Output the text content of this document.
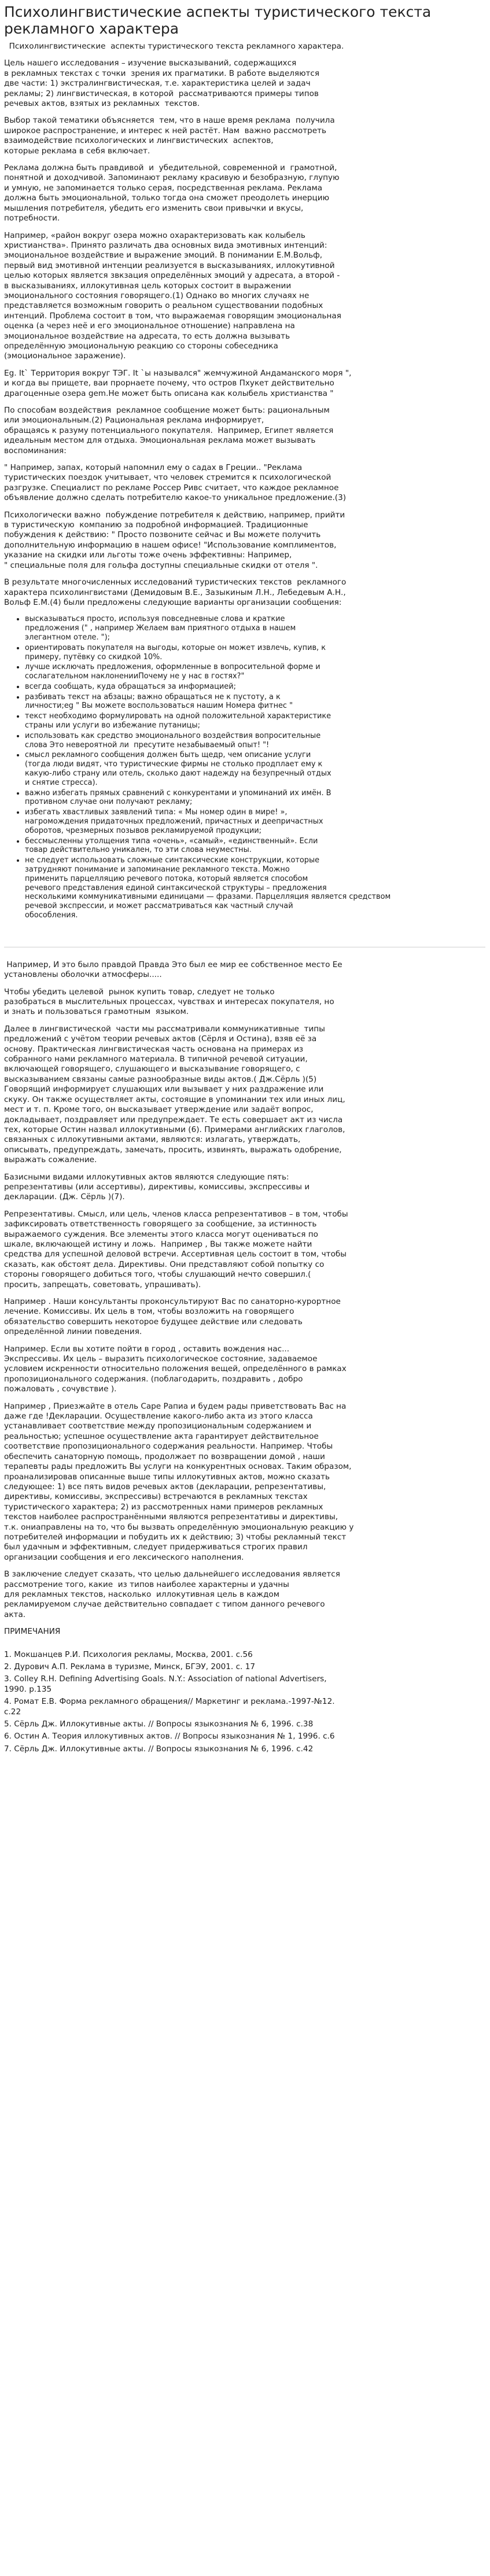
Психолингвистические аспекты туристического текста рекламного характера

Психолингвистические  аспекты туристического текста рекламного характера.

Цель нашего исследования – изучение высказываний, содержащихся
в рекламных текстах с точки  зрения их прагматики. В работе выделяются
две части: 1) экстралингвистическая, т.е. характеристика целей и задач
рекламы; 2) лингвистическая, в которой  рассматриваются примеры типов
речевых актов, взятых из рекламных  текстов.

Выбор такой тематики объясняется  тем, что в наше время реклама  получила
широкое распространение, и интерес к ней растёт. Нам  важно рассмотреть
взаимодействие психологических и лингвистических  аспектов,
которые реклама в себя включает.

Реклама должна быть правдивой  и  убедительной, современной и  грамотной,
понятной и доходчивой. Запоминают рекламу красивую и безобразную, глупую
и умную, не запоминается только серая, посредственная реклама. Реклама
должна быть эмоциональной, только тогда она сможет преодолеть инерцию
мышления потребителя, убедить его изменить свои привычки и вкусы,
потребности.

Например, «район вокруг озера можно охарактеризовать как колыбель
христианства». Принято различать два основных вида эмотивных интенций:
эмоциональное воздействие и выражение эмоций. В понимании Е.М.Вольф,
первый вид эмотивной интенции реализуется в высказываниях, иллокутивной
целью которых является звкзация определённых эмоций у адресата, а второй -
в высказываниях, иллокутивная цель которых состоит в выражении
эмоционального состояния говорящего.(1) Однако во многих случаях не
представляется возможным говорить о реальном существовании подобных
интенций. Проблема состоит в том, что выражаемая говорящим эмоциональная
оценка (а через неё и его эмоциональное отношение) направлена на
эмоциональное воздействие на адресата, то есть должна вызывать
определённую эмоциональную реакцию со стороны собеседника
(эмоциональное заражение).

Eg. It` Территория вокруг ТЭГ. It `ы назывался" жемчужиной Андаманского моря ",
и когда вы прищете, ваи прорнаете почему, что остров Пхукет действительно
драгоценные озера gem.Не может быть описана как колыбель христианства "

По способам воздействия  рекламное сообщение может быть: рациональным
или эмоциональным.(2) Рациональная реклама информирует,
обращаясь к разуму потенциального покупателя.  Например, Египет является
идеальным местом для отдыха. Эмоциональная реклама может вызывать
воспоминания:

" Например, запах, который напомнил ему о садах в Греции.. "Реклама
туристических поездок учитывает, что человек стремится к психологической
разгрузке. Специалист по рекламе Россер Ривс считает, что каждое рекламное
объявление должно сделать потребителю какое-то уникальное предложение.(3)

Психологически важно  побуждение потребителя к действию, например, прийти
в туристическую  компанию за подробной информацией. Традиционные
побуждения к действию: " Просто позвоните сейчас и Вы можете получить
дополнительную информацию в нашем офисе! "Использование комплиментов,
указание на скидки или льготы тоже очень эффективны: Например,
" специальные поля для гольфа доступны специальные скидки от отеля ".

В результате многочисленных исследований туристических текстов  рекламного
характера психолингвистами (Демидовым В.Е., Зазыкиным Л.Н., Лебедевым А.Н.,
Вольф Е.М.(4) были предложены следующие варианты организации сообщения:

• высказываться просто, используя повседневные слова и краткие
предложения (" , например Желаем вам приятного отдыха в нашем
элегантном отеле. ");
• ориентировать покупателя на выгоды, которые он может извлечь, купив, к
примеру, путёвку со скидкой 10%.
• лучше исключать предложения, оформленные в вопросительной форме и
сослагательном наклоненииПочему не у нас в гостях?"
• всегда сообщать, куда обращаться за информацией;
• разбивать текст на абзацы; важно обращаться не к пустоту, а к
личности;eg " Вы можете воспользоваться нашим Номера фитнес "
• текст необходимо формулировать на одной положительной характеристике
страны или услуги во избежание путаницы;
• использовать как средство эмоционального воздействия вопросительные
слова Это невероятной ли  пресутите незабываемый опыт! "!
• смысл рекламного сообщения должен быть щедр, чем описание услуги
(тогда люди видят, что туристические фирмы не столько продплает ему к
какую-либо страну или отель, сколько дают надежду на безупречный отдых
и снятие стресса).
• важно избегать прямых сравнений с конкурентами и упоминаний их имён. В
противном случае они получают рекламу;
• избегать хвастливых заявлений типа: « Мы номер один в мире! »,
нагромождения придаточных предложений, причастных и деепричастных
оборотов, чрезмерных позывов рекламируемой продукции;
• бессмысленны утолщения типа «очень», «самый», «единственный». Если
товар действительно уникален, то эти слова неуместны.
• не следует использовать сложные синтаксические конструкции, которые
затрудняют понимание и запоминание рекламного текста. Можно
применить парцелляцию речевого потока, который является способом
речевого представления единой синтаксической структуры – предложения
несколькими коммуникативными единицами — фразами. Парцелляция является средством
речевой экспрессии, и может рассматриваться как частный случай
обособления.

Например, И это было правдой Правда Это был ее мир ее собственное место Ее
установлены оболочки атмосферы.....

Чтобы убедить целевой  рынок купить товар, следует не только
разобраться в мыслительных процессах, чувствах и интересах покупателя, но
и знать и пользоваться грамотным  языком.

Далее в лингвистической  части мы рассматривали коммуникативные  типы
предложений с учётом теории речевых актов (Сёрля и Остина), взяв её за
основу. Практическая лингвистическая часть основана на примерах из
собранного нами рекламного материала. В типичной речевой ситуации,
включающей говорящего, слушающего и высказывание говорящего, с
высказыванием связаны самые разнообразные виды актов.( Дж.Сёрль )(5)
Говорящий информирует слушающих или вызывает у них раздражение или
скуку. Он также осуществляет акты, состоящие в упоминании тех или иных лиц,
мест и т. п. Кроме того, он высказывает утверждение или задаёт вопрос,
докладывает, поздравляет или предупреждает. Те есть совершает акт из числа
тех, которые Остин назвал иллокутивными (6). Примерами английских глаголов,
связанных с иллокутивными актами, являются: излагать, утверждать,
описывать, предупреждать, замечать, просить, извинять, выражать одобрение,
выражать сожаление.

Базисными видами иллокутивных актов являются следующие пять:
репрезентативы (или ассертивы), директивы, комиссивы, экспрессивы и
декларации. (Дж. Сёрль )(7).

Репрезентативы. Смысл, или цель, членов класса репрезентативов – в том, чтобы
зафиксировать ответственность говорящего за сообщение, за истинность
выражаемого суждения. Все элементы этого класса могут оцениваться по
шкале, включающей истину и ложь.  Например , Вы также можете найти
средства для успешной деловой встречи. Ассертивная цель состоит в том, чтобы
сказать, как обстоят дела. Директивы. Они представляют собой попытку со
стороны говорящего добиться того, чтобы слушающий нечто совершил.(
просить, запрещать, советовать, упрашивать).

Например . Наши консультанты проконсультируют Вас по санаторно-курортное
лечение. Комиссивы. Их цель в том, чтобы возложить на говорящего
обязательство совершить некоторое будущее действие или следовать
определённой линии поведения.

Например. Если вы хотите пойти в город , оставить вождения нас...
Экспрессивы. Их цель – выразить психологическое состояние, задаваемое
условием искренности относительно положения вещей, определённого в рамках
пропозиционального содержания. (поблагодарить, поздравить , добро
пожаловать , сочувствие ).

Например , Приезжайте в отель Саре Рапиа и будем рады приветствовать Вас на
даже где !Декларации. Осуществление какого-либо акта из этого класса
устанавливает соответствие между пропозициональным содержанием и
реальностью; успешное осуществление акта гарантирует действительное
соответствие пропозиционального содержания реальности. Например. Чтобы
обеспечить санаторную помощь, продолжает по возвращении домой , наши
терапевты рады предложить Вы услуги на конкурентных основах. Таким образом,
проанализировав описанные выше типы иллокутивных актов, можно сказать
следующее: 1) все пять видов речевых актов (декларации, репрезентативы,
директивы, комиссивы, экспрессивы) встречаются в рекламных текстах
туристического характера; 2) из рассмотренных нами примеров рекламных
текстов наиболее распространёнными являются репрезентативы и директивы,
т.к. ониаправлены на то, что бы вызвать определённую эмоциональную реакцию у
потребителей информации и побудить их к действию; 3) чтобы рекламный текст
был удачным и эффективным, следует придерживаться строгих правил
организации сообщения и его лексического наполнения.

В заключение следует сказать, что целью дальнейшего исследования является
рассмотрение того, какие  из типов наиболее характерны и удачны
для рекламных текстов, насколько  иллокутивная цель в каждом
рекламируемом случае действительно совпадает с типом данного речевого
акта.

ПРИМЕЧАНИЯ

1. Мокшанцев Р.И. Психология рекламы, Москва, 2001. с.56

2. Дурович А.П. Реклама в туризме, Минск, БГЭУ, 2001. с. 17

3. Colley R.H. Defining Advertising Goals. N.Y.: Association of national Advertisers,
1990. p.135

4. Ромат Е.В. Форма рекламного обращения// Маркетинг и реклама.-1997-№12.
с.22

5. Сёрль Дж. Иллокутивные акты. // Вопросы языкознания № 6, 1996. с.38

6. Остин А. Теория иллокутивных актов. // Вопросы языкознания № 1, 1996. с.6

7. Сёрль Дж. Иллокутивные акты. // Вопросы языкознания № 6, 1996. с.42
